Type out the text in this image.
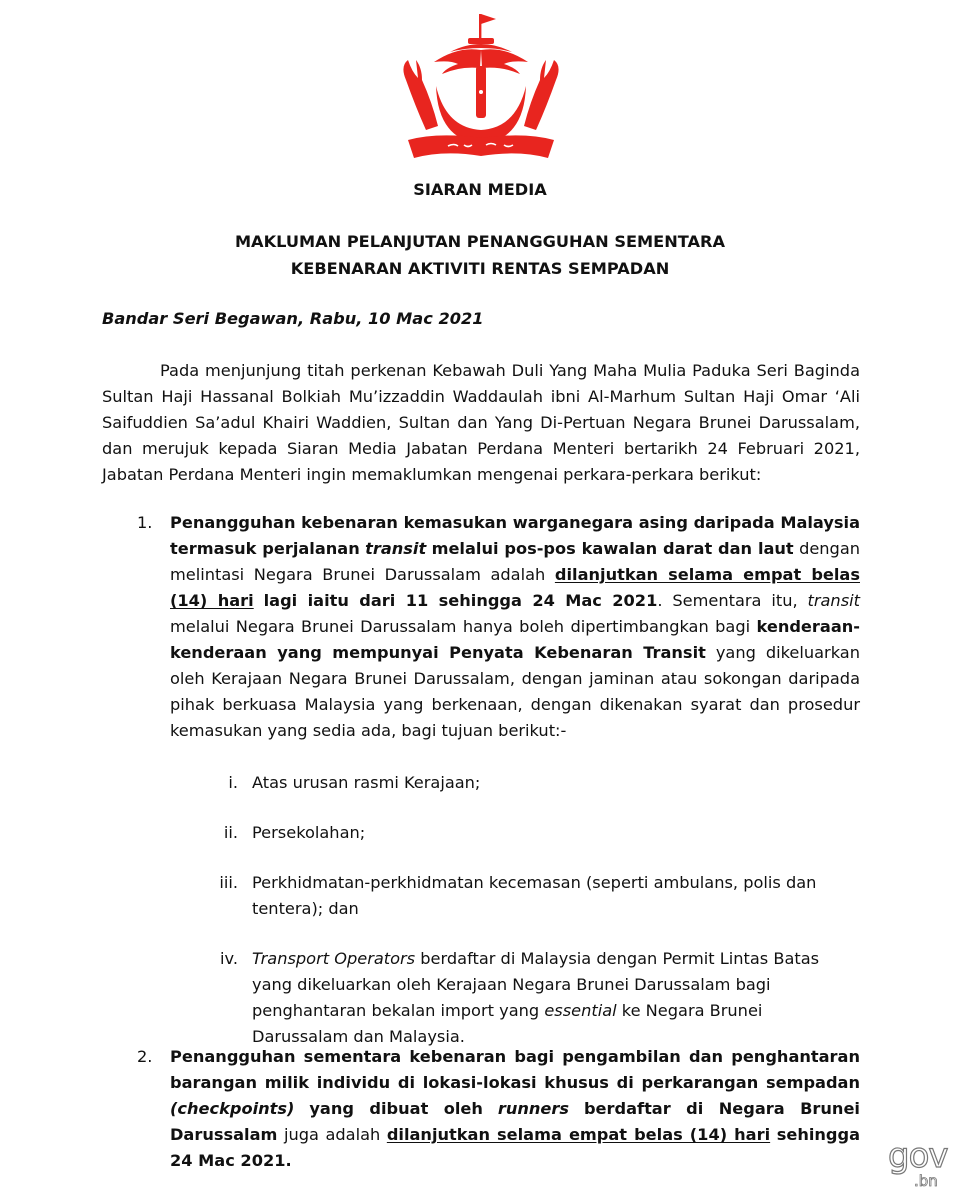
SIARAN MEDIA
MAKLUMAN PELANJUTAN PENANGGUHAN SEMENTARA
KEBENARAN AKTIVITI RENTAS SEMPADAN
Bandar Seri Begawan, Rabu, 10 Mac 2021

Pada menjunjung titah perkenan Kebawah Duli Yang Maha Mulia Paduka Seri Baginda Sultan Haji Hassanal Bolkiah Mu’izzaddin Waddaulah ibni Al-Marhum Sultan Haji Omar ‘Ali Saifuddien Sa’adul Khairi Waddien, Sultan dan Yang Di-Pertuan Negara Brunei Darussalam, dan merujuk kepada Siaran Media Jabatan Perdana Menteri bertarikh 24 Februari 2021, Jabatan Perdana Menteri ingin memaklumkan mengenai perkara-perkara berikut:

1. Penangguhan kebenaran kemasukan warganegara asing daripada Malaysia termasuk perjalanan transit melalui pos-pos kawalan darat dan laut dengan melintasi Negara Brunei Darussalam adalah dilanjutkan selama empat belas (14) hari lagi iaitu dari 11 sehingga 24 Mac 2021. Sementara itu, transit melalui Negara Brunei Darussalam hanya boleh dipertimbangkan bagi kenderaan-kenderaan yang mempunyai Penyata Kebenaran Transit yang dikeluarkan oleh Kerajaan Negara Brunei Darussalam, dengan jaminan atau sokongan daripada pihak berkuasa Malaysia yang berkenaan, dengan dikenakan syarat dan prosedur kemasukan yang sedia ada, bagi tujuan berikut:-

i. Atas urusan rasmi Kerajaan;

ii. Persekolahan;

iii. Perkhidmatan-perkhidmatan kecemasan (seperti ambulans, polis dan tentera); dan

iv. Transport Operators berdaftar di Malaysia dengan Permit Lintas Batas yang dikeluarkan oleh Kerajaan Negara Brunei Darussalam bagi penghantaran bekalan import yang essential ke Negara Brunei Darussalam dan Malaysia.

2. Penangguhan sementara kebenaran bagi pengambilan dan penghantaran barangan milik individu di lokasi-lokasi khusus di perkarangan sempadan (checkpoints) yang dibuat oleh runners berdaftar di Negara Brunei Darussalam juga adalah dilanjutkan selama empat belas (14) hari sehingga 24 Mac 2021.	gov
.bn
